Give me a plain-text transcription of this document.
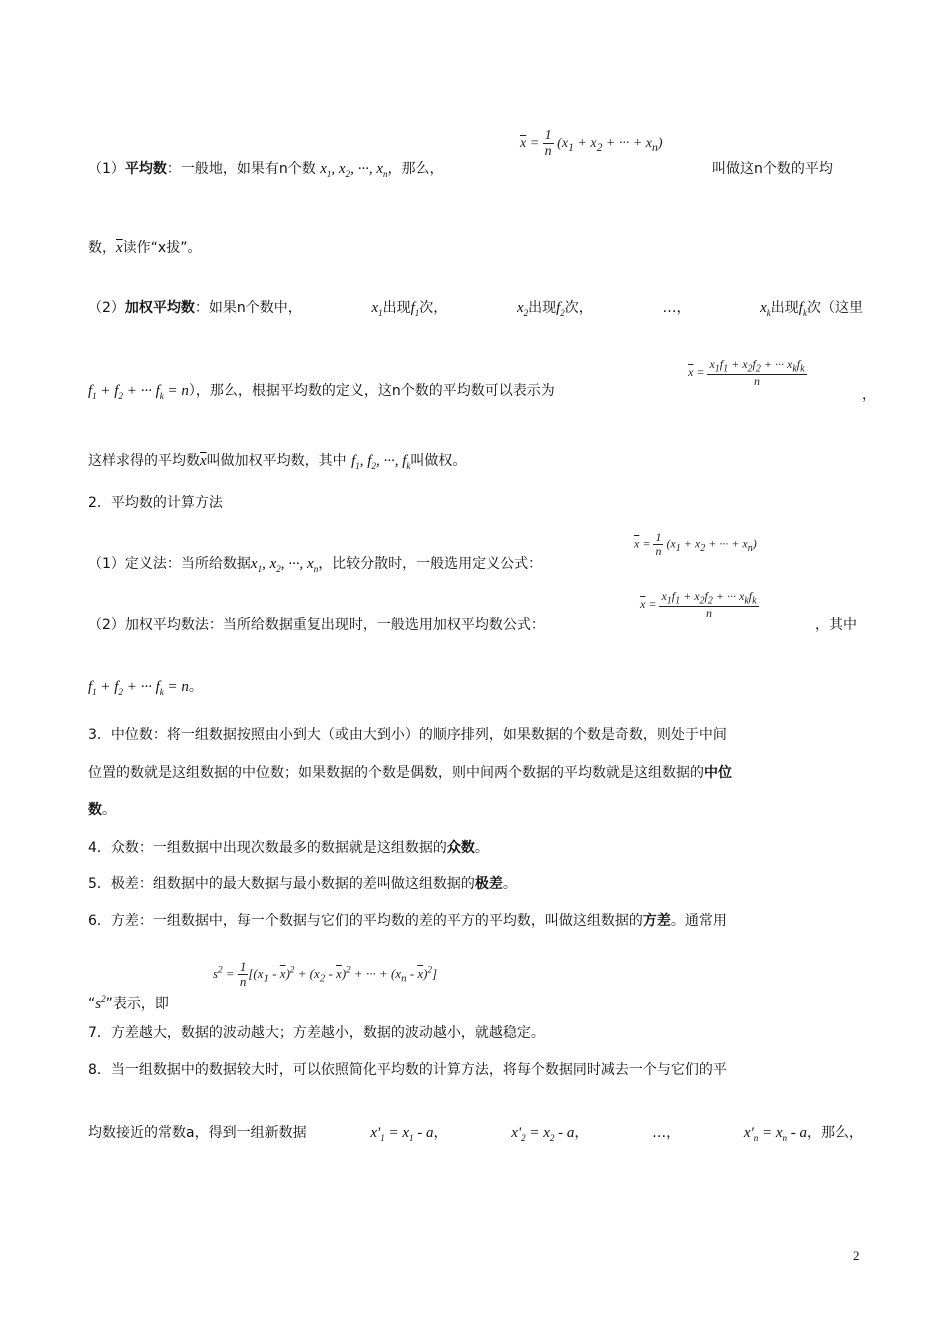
（1）平均数：一般地，如果有n个数 $x_1$, $x_2$, ···, $x_n$，那么，
$\overline{x} = \frac{1}{n} (x_1 + x_2$ + ··· + $x_n$)
叫做这n个数的平均
数，$\overline{x}$读作“x拔”。
（2）加权平均数：如果n个数中，	$x_1$出现$f_1$次，	$x_2$出现$f_2$次，	…，	$x_k$出现$f_k$次（这里
$f_1 + f_2$ + ··· $f_k = n$），那么，根据平均数的定义，这n个数的平均数可以表示为
$\overline{x} = \frac{x_1f_1 + x_2f_2 + \cdot\cdot\cdot x_kf_k}{n}$
，
这样求得的平均数$\overline{x}$叫做加权平均数，其中 $f_1$, $f_2$, ···, $f_k$叫做权。
2．平均数的计算方法
（1）定义法：当所给数据$x_1$, $x_2$, ···, $x_n$，比较分散时，一般选用定义公式：
$\overline{x} = \frac{1}{n} (x_1 + x_2$ + ··· + $x_n$)
（2）加权平均数法：当所给数据重复出现时，一般选用加权平均数公式：
$\overline{x} = \frac{x_1f_1 + x_2f_2 + \cdot\cdot\cdot x_kf_k}{n}$
，其中
$f_1 + f_2$ + ··· $f_k = n$。
3．中位数：将一组数据按照由小到大（或由大到小）的顺序排列，如果数据的个数是奇数，则处于中间
位置的数就是这组数据的中位数；如果数据的个数是偶数，则中间两个数据的平均数就是这组数据的中位
数。
4．众数：一组数据中出现次数最多的数据就是这组数据的众数。
5．极差：组数据中的最大数据与最小数据的差叫做这组数据的极差。
6．方差：一组数据中，每一个数据与它们的平均数的差的平方的平均数，叫做这组数据的方差。通常用
“$s^2$”表示，即
$s^2 = \frac{1}{n} [(x_1 - \overline{x})^2 + (x_2 - \overline{x})^2$ + ··· + $(x_n - \overline{x})^2$]
7．方差越大，数据的波动越大；方差越小，数据的波动越小，就越稳定。
8．当一组数据中的数据较大时，可以依照简化平均数的计算方法，将每个数据同时减去一个与它们的平
均数接近的常数a，得到一组新数据	$x'_1 = x_1 - a$，	$x'_2 = x_2 - a$，	…，	$x'_n = x_n - a$，那么，
2
